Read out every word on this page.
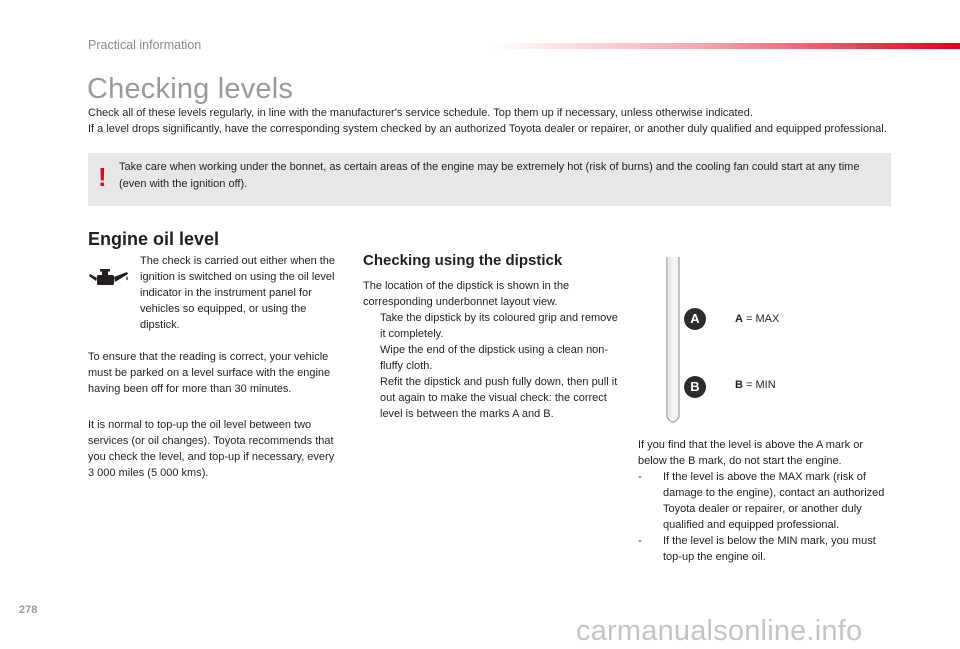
Practical information
Checking levels

Check all of these levels regularly, in line with the manufacturer's service schedule. Top them up if necessary, unless otherwise indicated.

If a level drops significantly, have the corresponding system checked by an authorized Toyota dealer or repairer, or another duly qualified and equipped professional.

! Take care when working under the bonnet, as certain areas of the engine may be extremely hot (risk of burns) and the cooling fan could start at any time (even with the ignition off).
Engine oil level

The check is carried out either when the ignition is switched on using the oil level indicator in the instrument panel for vehicles so equipped, or using the dipstick.

To ensure that the reading is correct, your vehicle must be parked on a level surface with the engine having been off for more than 30 minutes.

It is normal to top-up the oil level between two services (or oil changes). Toyota recommends that you check the level, and top-up if necessary, every 3 000 miles (5 000 kms).

Checking using the dipstick

The location of the dipstick is shown in the corresponding underbonnet layout view.

Take the dipstick by its coloured grip and remove it completely.
Wipe the end of the dipstick using a clean non-fluffy cloth.
Refit the dipstick and push fully down, then pull it out again to make the visual check: the correct level is between the marks A and B.
A
B
A = MAX
B = MIN

If you find that the level is above the A mark or below the B mark, do not start the engine.

-	If the level is above the MAX mark (risk of damage to the engine), contact an authorized Toyota dealer or repairer, or another duly qualified and equipped professional.
-	If the level is below the MIN mark, you must top-up the engine oil.
278
carmanualsonline.info
